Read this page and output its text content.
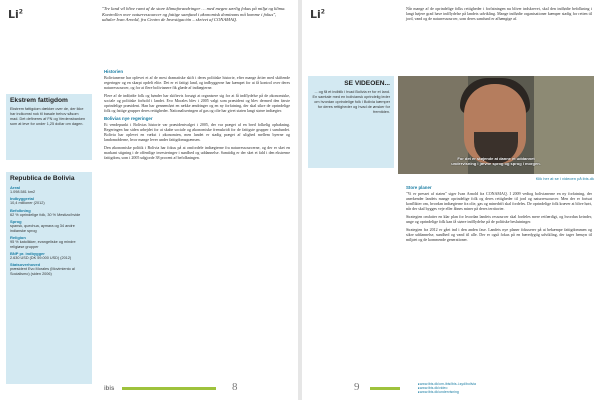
Li$^2$	"Tre land vil blive ramt af de store klimaforandringer … med megen særlig fokus på miljø og klima. Kontrollen over naturressourcer og fattige samfund i økonomisk dominans må komme i fokus", udtaler Ivan Arnold, fra Centro de Investigación – skrivet af CONAMAQ.
Ekstrem fattigdom
Ekstrem fattigdom dækker over de, der ikke har indkomst nok til basale behov såsom mad. Det defineres af FN og Verdensbanken som at leve for under 1,25 dollar om dagen.
Republica de Bolivia
Areal
1.098.581 km2
Indbyggertal
10,4 millioner (2012)
Befolkning
62 % oprindelige folk, 30 % Mestizo/hvide
Sprog
spansk, quechua, aymara og 34 andre indianske sprog
Religion
95 % katolikker, evangeliske og mindre religiøse grupper
BNP pr. indbygger
2.630 USD (DK 59.000 USD) (2012)
Statsoverhoved
præsident Evo Morales (Movimiento al Socialismo) (siden 2006)
Historien

Bolivianerne har oplevet et af de mest dramatiske skift i deres politiske historie, efter mange årtier med skiftende regeringer og en skarpt opdelt elite. Det er et fattigt land, og indbyggerne har kæmpet for at få kontrol over deres naturressourcer, og for at flere bolivianere fik glæde af indtægterne.

Flere af de indfødte folk og bønder har skiftevis forsøgt at organisere sig for at få indflydelse på de økonomiske, sociale og politiske forhold i landet. Evo Morales blev i 2005 valgt som præsident og blev dermed den første oprindelige præsident. Han har gennemført en række ændringer og en ny forfatning, der skal sikre de oprindelige folk og fattige grupper deres rettigheder. Nationaliseringen af gas og olie har givet staten langt større indtægter.

Bolivias nye regeringer

Et vendepunkt i Bolivias historie var præsidentvalget i 2005, der var præget af en bred folkelig opbakning. Regeringen har siden arbejdet for at skabe sociale og økonomiske fremskridt for de fattigste grupper i samfundet. Bolivia har oplevet en vækst i økonomien, men landet er stadig præget af ulighed mellem byerne og landområderne, hvor mange lever under fattigdomsgrænsen.

Den økonomiske politik i Bolivia har fokus på at omfordele indtægterne fra naturressourcerne, og der er sket en markant stigning i de offentlige investeringer i sundhed og uddannelse. Samtidig er der sket et fald i den ekstreme fattigdom, som i 2005 udgjorde 38 procent af befolkningen.

ibis	8
Li$^2$	Når mange af de oprindelige folks rettigheder i forfatningen nu bliver indskrevet, skal den indfødte befolkning i langt højere grad have indflydelse på landets udvikling. Mange indfødte organisationer kæmper stadig for retten til jord, vand og de naturressourcer, som deres samfund er afhængige af.

SE VIDEOEN...
... og få et indblik i hvad Bolivia er for et land. En samtale med en boliviansk oprindelig leder om hvordan oprindelige folk i Bolivia kæmper for deres rettigheder og hvad de ønsker for fremtiden.
For det er støjende at danne et uddannet
undervisning i jævne sprog og sprog i morgen.
Klik her at se i videoen på ibis.dk
Store planer

"Vi er presset af staten" siger Ivan Arnold fra CONAMAQ. I 2009 vedtog bolivianerne en ny forfatning, der anerkender landets mange oprindelige folk og deres rettigheder til jord og naturressourcer. Men der er fortsat konflikter om, hvordan indtægterne fra olie, gas og minedrift skal fordeles. De oprindelige folk kræver at blive hørt, når der skal bygges veje eller åbnes miner på deres territorier.

Strategien omfatter en klar plan for hvordan landets ressourcer skal fordeles mere retfærdigt, og hvordan kvinder, unge og oprindelige folk kan få større indflydelse på de politiske beslutninger.

Strategien fra 2012 er gået ind i den anden fase. Landets nye planer fokuserer på at bekæmpe fattigdommen og sikre uddannelse, sundhed og vand til alle. Der er også fokus på en bæredygtig udvikling, der tager hensyn til miljøet og de kommende generationer.

▸ www.ibis.dk/om-ibis/ibis-i-syd/bolivia
▸ www.ibis.dk/video
▸ www.ibis.dk/undervisning
9
